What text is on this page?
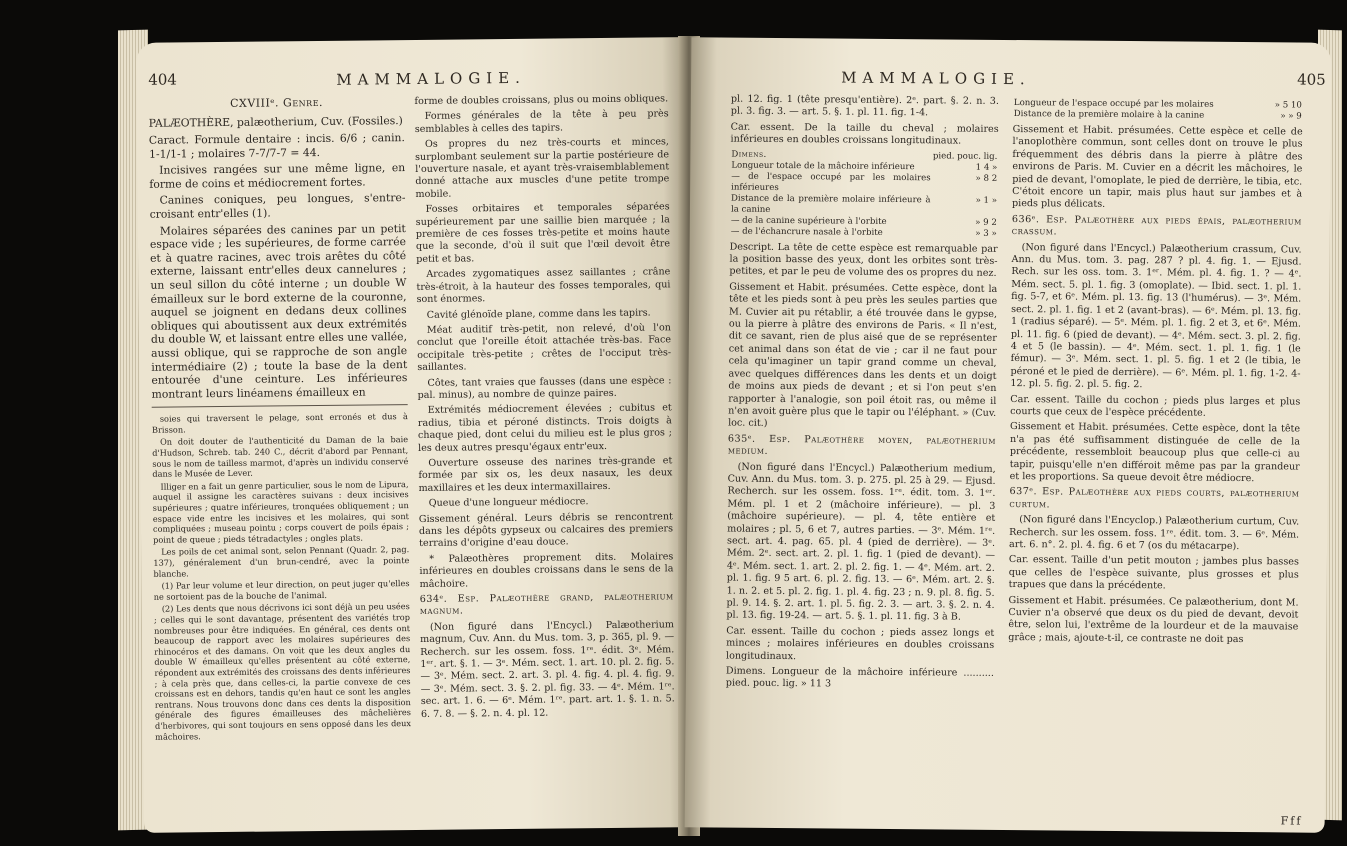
404	MAMMALOGIE.
CXVIIIᵉ. Genre.

PALÆOTHÈRE, palæotherium, Cuv. (Fossiles.)

Caract. Formule dentaire : incis. 6/6 ; canin. 1-1/1-1 ; molaires 7-7/7-7 = 44.

Incisives rangées sur une même ligne, en forme de coins et médiocrement fortes.

Canines coniques, peu longues, s'entre-croisant entr'elles (1).

Molaires séparées des canines par un petit espace vide ; les supérieures, de forme carrée et à quatre racines, avec trois arêtes du côté externe, laissant entr'elles deux cannelures ; un seul sillon du côté interne ; un double W émailleux sur le bord externe de la couronne, auquel se joignent en dedans deux collines obliques qui aboutissent aux deux extrémités du double W, et laissant entre elles une vallée, aussi oblique, qui se rapproche de son angle intermédiaire (2) ; toute la base de la dent entourée d'une ceinture. Les inférieures montrant leurs linéamens émailleux en

soies qui traversent le pelage, sont erronés et dus à Brisson.

On doit douter de l'authenticité du Daman de la baie d'Hudson, Schreb. tab. 240 C., décrit d'abord par Pennant, sous le nom de tailless marmot, d'après un individu conservé dans le Musée de Lever.

Illiger en a fait un genre particulier, sous le nom de Lipura, auquel il assigne les caractères suivans : deux incisives supérieures ; quatre inférieures, tronquées obliquement ; un espace vide entre les incisives et les molaires, qui sont compliquées ; museau pointu ; corps couvert de poils épais ; point de queue ; pieds tétradactyles ; ongles plats.

Les poils de cet animal sont, selon Pennant (Quadr. 2, pag. 137), généralement d'un brun-cendré, avec la pointe blanche.

(1) Par leur volume et leur direction, on peut juger qu'elles ne sortoient pas de la bouche de l'animal.

(2) Les dents que nous décrivons ici sont déjà un peu usées ; celles qui le sont davantage, présentent des variétés trop nombreuses pour être indiquées. En général, ces dents ont beaucoup de rapport avec les molaires supérieures des rhinocéros et des damans. On voit que les deux angles du double W émailleux qu'elles présentent au côté externe, répondent aux extrémités des croissans des dents inférieures ; à cela près que, dans celles-ci, la partie convexe de ces croissans est en dehors, tandis qu'en haut ce sont les angles rentrans. Nous trouvons donc dans ces dents la disposition générale des figures émailleuses des mâchelières d'herbivores, qui sont toujours en sens opposé dans les deux mâchoires.

forme de doubles croissans, plus ou moins obliques.

Formes générales de la tête à peu près semblables à celles des tapirs.

Os propres du nez très-courts et minces, surplombant seulement sur la partie postérieure de l'ouverture nasale, et ayant très-vraisemblablement donné attache aux muscles d'une petite trompe mobile.

Fosses orbitaires et temporales séparées supérieurement par une saillie bien marquée ; la première de ces fosses très-petite et moins haute que la seconde, d'où il suit que l'œil devoit être petit et bas.

Arcades zygomatiques assez saillantes ; crâne très-étroit, à la hauteur des fosses temporales, qui sont énormes.

Cavité glénoïde plane, comme dans les tapirs.

Méat auditif très-petit, non relevé, d'où l'on conclut que l'oreille étoit attachée très-bas. Face occipitale très-petite ; crêtes de l'occiput très-saillantes.

Côtes, tant vraies que fausses (dans une espèce : pal. minus), au nombre de quinze paires.

Extrémités médiocrement élevées ; cubitus et radius, tibia et péroné distincts. Trois doigts à chaque pied, dont celui du milieu est le plus gros ; les deux autres presqu'égaux entr'eux.

Ouverture osseuse des narines très-grande et formée par six os, les deux nasaux, les deux maxillaires et les deux intermaxillaires.

Queue d'une longueur médiocre.

Gissement général. Leurs débris se rencontrent dans les dépôts gypseux ou calcaires des premiers terrains d'origine d'eau douce.

* Palæothères proprement dits. Molaires inférieures en doubles croissans dans le sens de la mâchoire.

634ᵉ. Esp. Palæothère grand, palæotherium magnum.

(Non figuré dans l'Encycl.) Palæotherium magnum, Cuv. Ann. du Mus. tom. 3, p. 365, pl. 9. — Recherch. sur les ossem. foss. 1ʳᵉ. édit. 3ᵉ. Mém. 1ᵉʳ. art. §. 1. — 3ᵉ. Mém. sect. 1. art. 10. pl. 2. fig. 5. — 3ᵉ. Mém. sect. 2. art. 3. pl. 4. fig. 4. pl. 4. fig. 9. — 3ᵉ. Mém. sect. 3. §. 2. pl. fig. 33. — 4ᵉ. Mém. 1ʳᵉ. sec. art. 1. 6. — 6ᵉ. Mém. 1ʳᵉ. part. art. 1. §. 1. n. 5. 6. 7. 8. — §. 2. n. 4. pl. 12.

MAMMALOGIE.	405

pl. 12. fig. 1 (tête presqu'entière). 2ᵉ. part. §. 2. n. 3. pl. 3. fig. 3. — art. 5. §. 1. pl. 11. fig. 1-4.

Car. essent. De la taille du cheval ; molaires inférieures en doubles croissans longitudinaux.

Dimens.	pied. pouc. lig.
Longueur totale de la mâchoire inférieure	1 4 »
— de l'espace occupé par les molaires inférieures	» 8 2
Distance de la première molaire inférieure à la canine	» 1 »
— de la canine supérieure à l'orbite	» 9 2
— de l'échancrure nasale à l'orbite	» 3 »

Descript. La tête de cette espèce est remarquable par la position basse des yeux, dont les orbites sont très-petites, et par le peu de volume des os propres du nez.

Gissement et Habit. présumées. Cette espèce, dont la tête et les pieds sont à peu près les seules parties que M. Cuvier ait pu rétablir, a été trouvée dans le gypse, ou la pierre à plâtre des environs de Paris. « Il n'est, dit ce savant, rien de plus aisé que de se représenter cet animal dans son état de vie ; car il ne faut pour cela qu'imaginer un tapir grand comme un cheval, avec quelques différences dans les dents et un doigt de moins aux pieds de devant ; et si l'on peut s'en rapporter à l'analogie, son poil étoit ras, ou même il n'en avoit guère plus que le tapir ou l'éléphant. » (Cuv. loc. cit.)

635ᵉ. Esp. Palæothère moyen, palæotherium medium.

(Non figuré dans l'Encycl.) Palæotherium medium, Cuv. Ann. du Mus. tom. 3. p. 275. pl. 25 à 29. — Ejusd. Recherch. sur les ossem. foss. 1ʳᵉ. édit. tom. 3. 1ᵉʳ. Mém. pl. 1 et 2 (mâchoire inférieure). — pl. 3 (mâchoire supérieure). — pl. 4, tête entière et molaires ; pl. 5, 6 et 7, autres parties. — 3ᵉ. Mém. 1ʳᵉ. sect. art. 4. pag. 65. pl. 4 (pied de derrière). — 3ᵉ. Mém. 2ᵉ. sect. art. 2. pl. 1. fig. 1 (pied de devant). — 4ᵉ. Mém. sect. 1. art. 2. pl. 2. fig. 1. — 4ᵉ. Mém. art. 2. pl. 1. fig. 9 5 art. 6. pl. 2. fig. 13. — 6ᵉ. Mém. art. 2. §. 1. n. 2. et 5. pl. 2. fig. 1. pl. 4. fig. 23 ; n. 9. pl. 8. fig. 5. pl. 9. 14. §. 2. art. 1. pl. 5. fig. 2. 3. — art. 3. §. 2. n. 4. pl. 13. fig. 19-24. — art. 5. §. 1. pl. 11. fig. 3 à B.

Car. essent. Taille du cochon ; pieds assez longs et minces ; molaires inférieures en doubles croissans longitudinaux.

Dimens. Longueur de la mâchoire inférieure .......... pied. pouc. lig. » 11 3

Longueur de l'espace occupé par les molaires	» 5 10
Distance de la première molaire à la canine	» » 9

Gissement et Habit. présumées. Cette espèce et celle de l'anoplothère commun, sont celles dont on trouve le plus fréquemment des débris dans la pierre à plâtre des environs de Paris. M. Cuvier en a décrit les mâchoires, le pied de devant, l'omoplate, le pied de derrière, le tibia, etc. C'étoit encore un tapir, mais plus haut sur jambes et à pieds plus délicats.

636ᵉ. Esp. Palæothère aux pieds épais, palæotherium crassum.

(Non figuré dans l'Encycl.) Palæotherium crassum, Cuv. Ann. du Mus. tom. 3. pag. 287 ? pl. 4. fig. 1. — Ejusd. Rech. sur les oss. tom. 3. 1ᵉʳ. Mém. pl. 4. fig. 1. ? — 4ᵉ. Mém. sect. 5. pl. 1. fig. 3 (omoplate). — Ibid. sect. 1. pl. 1. fig. 5-7, et 6ᵉ. Mém. pl. 13. fig. 13 (l'humérus). — 3ᵉ. Mém. sect. 2. pl. 1. fig. 1 et 2 (avant-bras). — 6ᵉ. Mém. pl. 13. fig. 1 (radius séparé). — 5ᵉ. Mém. pl. 1. fig. 2 et 3, et 6ᵉ. Mém. pl. 11. fig. 6 (pied de devant). — 4ᵉ. Mém. sect. 3. pl. 2. fig. 4 et 5 (le bassin). — 4ᵉ. Mém. sect. 1. pl. 1. fig. 1 (le fémur). — 3ᵉ. Mém. sect. 1. pl. 5. fig. 1 et 2 (le tibia, le péroné et le pied de derrière). — 6ᵉ. Mém. pl. 1. fig. 1-2. 4-12. pl. 5. fig. 2. pl. 5. fig. 2.

Car. essent. Taille du cochon ; pieds plus larges et plus courts que ceux de l'espèce précédente.

Gissement et Habit. présumées. Cette espèce, dont la tête n'a pas été suffisamment distinguée de celle de la précédente, ressembloit beaucoup plus que celle-ci au tapir, puisqu'elle n'en différoit même pas par la grandeur et les proportions. Sa queue devoit être médiocre.

637ᵉ. Esp. Palæothère aux pieds courts, palæotherium curtum.

(Non figuré dans l'Encyclop.) Palæotherium curtum, Cuv. Recherch. sur les ossem. foss. 1ʳᵉ. édit. tom. 3. — 6ᵉ. Mém. art. 6. n°. 2. pl. 4. fig. 6 et 7 (os du métacarpe).

Car. essent. Taille d'un petit mouton ; jambes plus basses que celles de l'espèce suivante, plus grosses et plus trapues que dans la précédente.

Gissement et Habit. présumées. Ce palæotherium, dont M. Cuvier n'a observé que deux os du pied de devant, devoit être, selon lui, l'extrême de la lourdeur et de la mauvaise grâce ; mais, ajoute-t-il, ce contraste ne doit pas

Fff
